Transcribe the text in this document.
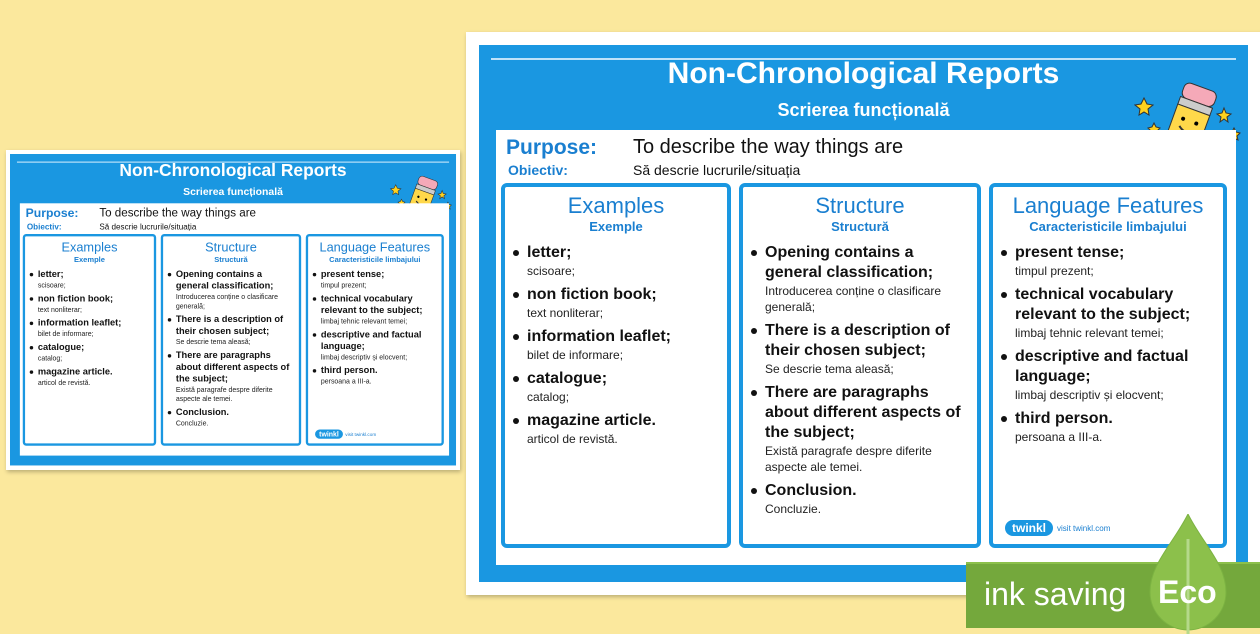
Non-Chronological Reports
Scrierea funcțională
Purpose: To describe the way things are
Obiectiv:	Să descrie lucrurile/situația
Examples
Exemple
letter;
scisoare;
non fiction book;
text nonliterar;
information leaflet;
bilet de informare;
catalogue;
catalog;
magazine article.
articol de revistă.
Structure
Structură
Opening contains a general classification;
Introducerea conține o clasificare generală;
There is a description of their chosen subject;
Se descrie tema aleasă;
There are paragraphs about different aspects of the subject;
Există paragrafe despre diferite aspecte ale temei.
Conclusion.
Concluzie.
Language Features
Caracteristicile limbajului
present tense;
timpul prezent;
technical vocabulary relevant to the subject;
limbaj tehnic relevant temei;
descriptive and factual language;
limbaj descriptiv și elocvent;
third person.
persoana a III-a.
twinkl	visit twinkl.com
Non-Chronological Reports
Scrierea funcțională
Purpose: To describe the way things are
Obiectiv:	Să descrie lucrurile/situația
Examples
Exemple
letter;
scisoare;
non fiction book;
text nonliterar;
information leaflet;
bilet de informare;
catalogue;
catalog;
magazine article.
articol de revistă.
Structure
Structură
Opening contains a general classification;
Introducerea conține o clasificare generală;
There is a description of their chosen subject;
Se descrie tema aleasă;
There are paragraphs about different aspects of the subject;
Există paragrafe despre diferite aspecte ale temei.
Conclusion.
Concluzie.
Language Features
Caracteristicile limbajului
present tense;
timpul prezent;
technical vocabulary relevant to the subject;
limbaj tehnic relevant temei;
descriptive and factual language;
limbaj descriptiv și elocvent;
third person.
persoana a III-a.
twinkl visit twinkl.com
ink saving Eco
